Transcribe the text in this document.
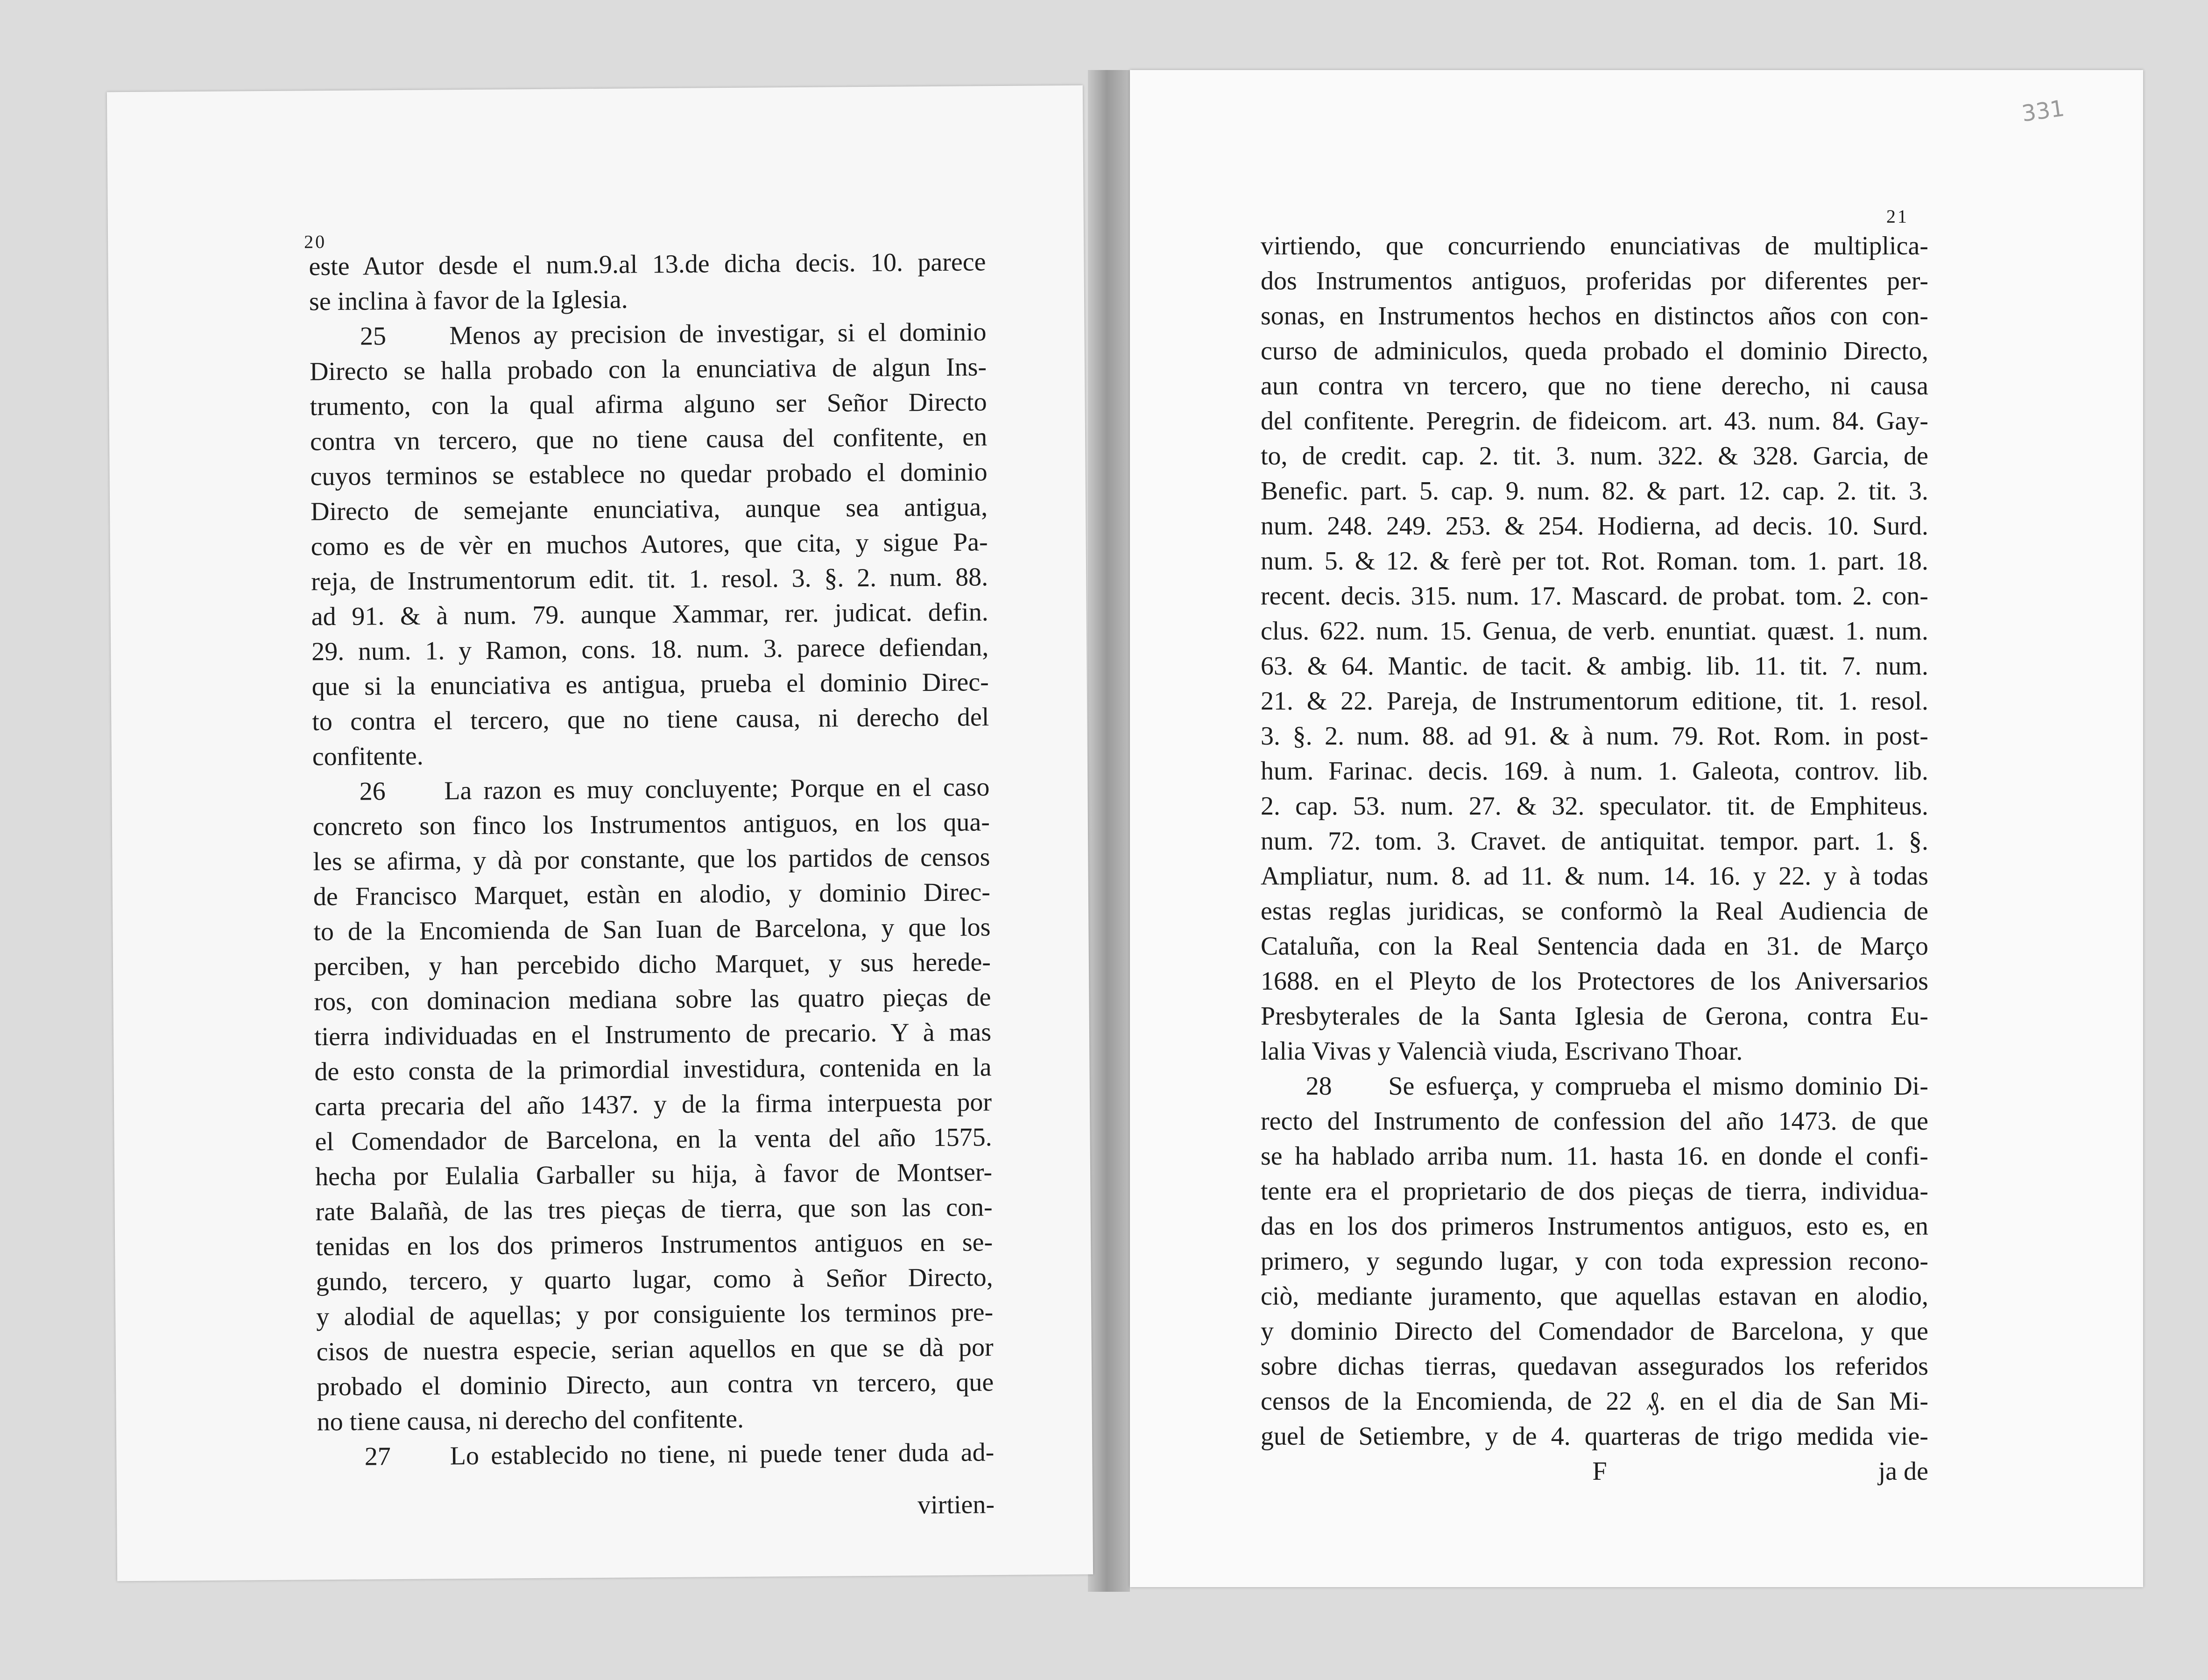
20
este Autor desde el num.9.al 13.de dicha decis. 10. parece
se inclina à favor de la Iglesia.
25     Menos ay precision de investigar, si el dominio
Directo se halla probado con la enunciativa de algun Ins-
trumento, con la qual afirma alguno ser Señor Directo
contra vn tercero, que no tiene causa del confitente, en
cuyos terminos se establece no quedar probado el dominio
Directo de semejante enunciativa, aunque sea antigua,
como es de vèr en muchos Autores, que cita, y sigue Pa-
reja, de Instrumentorum edit. tit. 1. resol. 3. §. 2. num. 88.
ad 91. & à num. 79. aunque Xammar, rer. judicat. defin.
29. num. 1. y Ramon, cons. 18. num. 3. parece defiendan,
que si la enunciativa es antigua, prueba el dominio Direc-
to contra el tercero, que no tiene causa, ni derecho del
confitente.
26     La razon es muy concluyente; Porque en el caso
concreto son finco los Instrumentos antiguos, en los qua-
les se afirma, y dà por constante, que los partidos de censos
de Francisco Marquet, estàn en alodio, y dominio Direc-
to de la Encomienda de San Iuan de Barcelona, y que los
perciben, y han percebido dicho Marquet, y sus herede-
ros, con dominacion mediana sobre las quatro pieças de
tierra individuadas en el Instrumento de precario. Y à mas
de esto consta de la primordial investidura, contenida en la
carta precaria del año 1437. y de la firma interpuesta por
el Comendador de Barcelona, en la venta del año 1575.
hecha por Eulalia Garballer su hija, à favor de Montser-
rate Balañà, de las tres pieças de tierra, que son las con-
tenidas en los dos primeros Instrumentos antiguos en se-
gundo, tercero, y quarto lugar, como à Señor Directo,
y alodial de aquellas; y por consiguiente los terminos pre-
cisos de nuestra especie, serian aquellos en que se dà por
probado el dominio Directo, aun contra vn tercero, que
no tiene causa, ni derecho del confitente.
27     Lo establecido no tiene, ni puede tener duda ad-
virtien-
21
virtiendo, que concurriendo enunciativas de multiplica-
dos Instrumentos antiguos, proferidas por diferentes per-
sonas, en Instrumentos hechos en distinctos años con con-
curso de adminiculos, queda probado el dominio Directo,
aun contra vn tercero, que no tiene derecho, ni causa
del confitente. Peregrin. de fideicom. art. 43. num. 84. Gay-
to, de credit. cap. 2. tit. 3. num. 322. & 328. Garcia, de
Benefic. part. 5. cap. 9. num. 82. & part. 12. cap. 2. tit. 3.
num. 248. 249. 253. & 254. Hodierna, ad decis. 10. Surd.
num. 5. & 12. & ferè per tot. Rot. Roman. tom. 1. part. 18.
recent. decis. 315. num. 17. Mascard. de probat. tom. 2. con-
clus. 622. num. 15. Genua, de verb. enuntiat. quæst. 1. num.
63. & 64. Mantic. de tacit. & ambig. lib. 11. tit. 7. num.
21. & 22. Pareja, de Instrumentorum editione, tit. 1. resol.
3. §. 2. num. 88. ad 91. & à num. 79. Rot. Rom. in post-
hum. Farinac. decis. 169. à num. 1. Galeota, controv. lib.
2. cap. 53. num. 27. & 32. speculator. tit. de Emphiteus.
num. 72. tom. 3. Cravet. de antiquitat. tempor. part. 1. §.
Ampliatur, num. 8. ad 11. & num. 14. 16. y 22. y à todas
estas reglas juridicas, se conformò la Real Audiencia de
Cataluña, con la Real Sentencia dada en 31. de Março
1688. en el Pleyto de los Protectores de los Aniversarios
Presbyterales de la Santa Iglesia de Gerona, contra Eu-
lalia Vivas y Valencià viuda, Escrivano Thoar.
28     Se esfuerça, y comprueba el mismo dominio Di-
recto del Instrumento de confession del año 1473. de que
se ha hablado arriba num. 11. hasta 16. en donde el confi-
tente era el proprietario de dos pieças de tierra, individua-
das en los dos primeros Instrumentos antiguos, esto es, en
primero, y segundo lugar, y con toda expression recono-
ciò, mediante juramento, que aquellas estavan en alodio,
y dominio Directo del Comendador de Barcelona, y que
sobre dichas tierras, quedavan assegurados los referidos
censos de la Encomienda, de 22 ₰. en el dia de San Mi-
guel de Setiembre, y de 4. quarteras de trigo medida vie-
F	ja de
331
